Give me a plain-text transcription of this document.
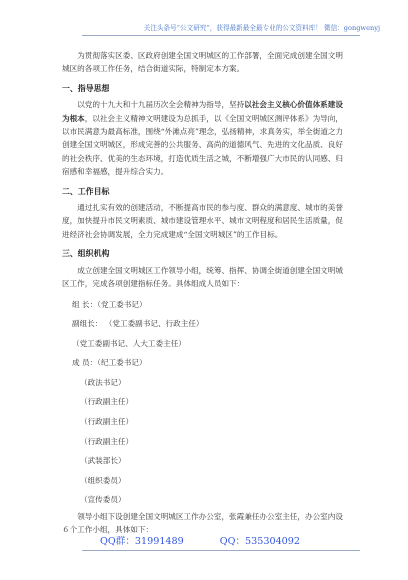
关注头条号“公文研究”，获得最新最全最专业的公文资料库！ 微信：gongwenyj

为贯彻落实区委、区政府创建全国文明城区的工作部署，全面完成创建全国文明城区的各项工作任务，结合街道实际，特制定本方案。

一、指导思想

以党的十九大和十九届历次全会精神为指导，坚持以社会主义核心价值体系建设为根本，以社会主义精神文明建设为总抓手，以《全国文明城区测评体系》为导向，以市民满意为最高标准，围绕“外滩点亮”理念，弘扬精神，求真务实，举全街道之力创建全国文明城区，形成完善的公共服务、高尚的道德风气、先进的文化品质、良好的社会秩序、优美的生态环境，打造优质生活之城，不断增强广大市民的认同感、归宿感和幸福感，提升综合实力。

二、工作目标

通过扎实有效的创建活动，不断提高市民的参与度、群众的满意度、城市的美誉度，加快提升市民文明素质、城市建设管理水平、城市文明程度和居民生活质量，促进经济社会协调发展，全力完成建成“全国文明城区”的工作目标。

三、组织机构

成立创建全国文明城区工作领导小组，统筹、指挥、协调全街道创建全国文明城区工作，完成各项创建指标任务。具体组成人员如下：

组 长：（党工委书记）

副组长： （党工委副书记、行政主任）

（党工委副书记、人大工委主任）

成 员：（纪工委书记）

（政法书记）

（行政副主任）

（行政副主任）

（行政副主任）

（武装部长）

（组织委员）

（宣传委员）

领导小组下设创建全国文明城区工作办公室，张霞兼任办公室主任，办公室内设６个工作小组，具体如下：

QQ群：31991489	QQ：535304092
